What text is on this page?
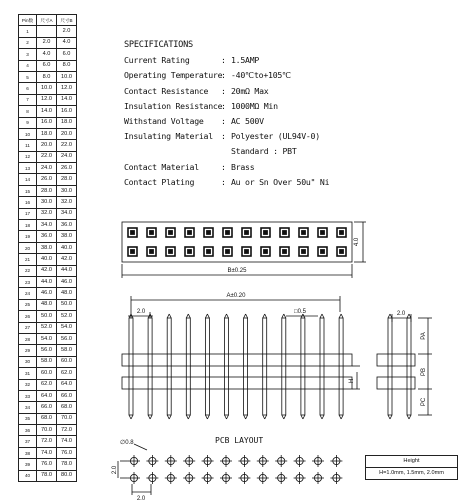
Pin数	尺寸A	尺寸B
1		2.0
2	2.0	4.0
3	4.0	6.0
4	6.0	8.0
5	8.0	10.0
6	10.0	12.0
7	12.0	14.0
8	14.0	16.0
9	16.0	18.0
10	18.0	20.0
11	20.0	22.0
12	22.0	24.0
13	24.0	26.0
14	26.0	28.0
15	28.0	30.0
16	30.0	32.0
17	32.0	34.0
18	34.0	36.0
19	36.0	38.0
20	38.0	40.0
21	40.0	42.0
22	42.0	44.0
23	44.0	46.0
24	46.0	48.0
25	48.0	50.0
26	50.0	52.0
27	52.0	54.0
28	54.0	56.0
29	56.0	58.0
30	58.0	60.0
31	60.0	62.0
32	62.0	64.0
33	64.0	66.0
34	66.0	68.0
35	68.0	70.0
36	70.0	72.0
37	72.0	74.0
38	74.0	76.0
39	76.0	78.0
40	78.0	80.0
SPECIFICATIONS
Current Rating	: 1.5AMP
Operating Temperature: -40℃to+105℃
Contact Resistance : 20mΩ Max
Insulation Resistance: 1000MΩ Min
Withstand Voltage : AC 500V
Insulating Material : Polyester (UL94V-0)
Standard : PBT
Contact Material	: Brass
Contact Plating	: Au or Sn Over 50u" Ni
4.0
B±0.25
2.0
A±0.20
□0.5
H
2.0
PA
PB
PC
∅0.8
2.0
2.0
PCB LAYOUT
Height
H=1.0mm, 1.5mm, 2.0mm
